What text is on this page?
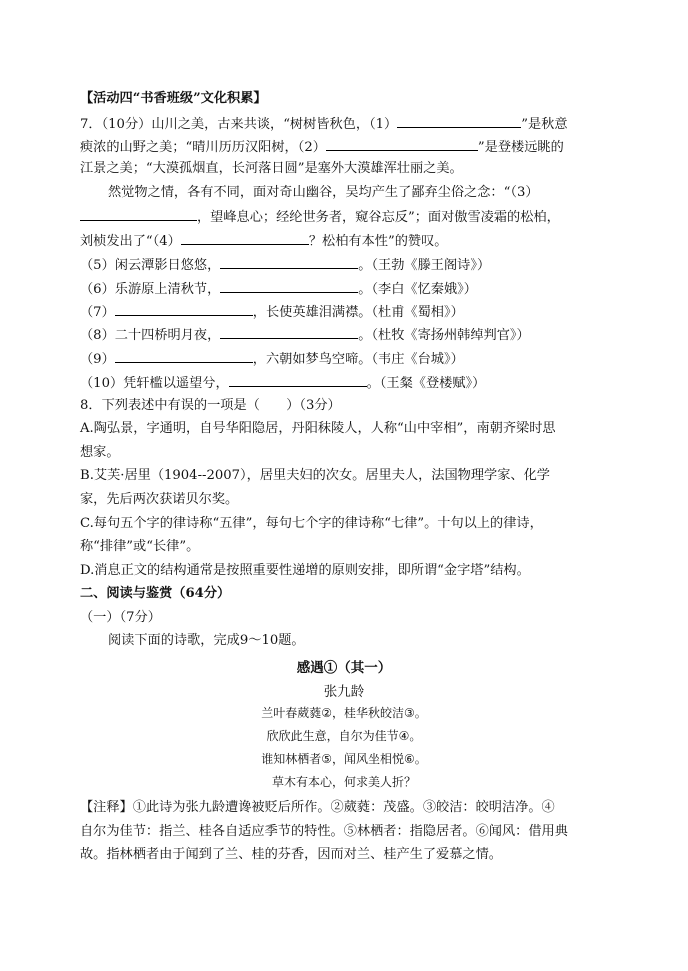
【活动四“书香班级”文化积累】
7．（10分）山川之美，古来共谈，“树树皆秋色，（1）	”是秋意
瘐浓的山野之美；“晴川历历汉阳树，（2）	”是登楼远眺的
江景之美；“大漠孤烟直，长河落日圆”是塞外大漠雄浑壮丽之美。
然觉物之情，各有不同，面对奇山幽谷，吴均产生了鄙弃尘俗之念：“（3）
，望峰息心；经纶世务者，窥谷忘反”；面对傲雪凌霜的松柏，
刘桢发出了“（4）	？松柏有本性”的赞叹。
（5）闲云潭影日悠悠，	。（王勃《滕王阁诗》）
（6）乐游原上清秋节，	。（李白《忆秦娥》）
（7）	，长使英雄泪满襟。（杜甫《蜀相》）
（8）二十四桥明月夜，	。（杜牧《寄扬州韩绰判官》）
（9）	，六朝如梦鸟空啼。（韦庄《台城》）
（10）凭轩槛以遥望兮，	。（王粲《登楼赋》）
8．下列表述中有误的一项是（　　）（3分）
A.陶弘景，字通明，自号华阳隐居，丹阳秣陵人，人称“山中宰相”，南朝齐梁时思
想家。
B.艾芙·居里（1904--2007），居里夫妇的次女。居里夫人，法国物理学家、化学
家，先后两次获诺贝尔奖。
C.每句五个字的律诗称“五律”，每句七个字的律诗称“七律”。十句以上的律诗，
称“排律”或“长律”。
D.消息正文的结构通常是按照重要性递增的原则安排，即所谓“金字塔”结构。
二、阅读与鉴赏（64分）
（一）（7分）
阅读下面的诗歌，完成9～10题。
感遇①（其一）
张九龄
兰叶春葳蕤②，桂华秋皎洁③。
欣欣此生意，自尔为佳节④。
谁知林栖者⑤，闻风坐相悦⑥。
草木有本心，何求美人折？
【注释】①此诗为张九龄遭谗被贬后所作。②葳蕤：茂盛。③皎洁：皎明洁净。④
自尔为佳节：指兰、桂各自适应季节的特性。⑤林栖者：指隐居者。⑥闻风：借用典
故。指林栖者由于闻到了兰、桂的芬香，因而对兰、桂产生了爱慕之情。
